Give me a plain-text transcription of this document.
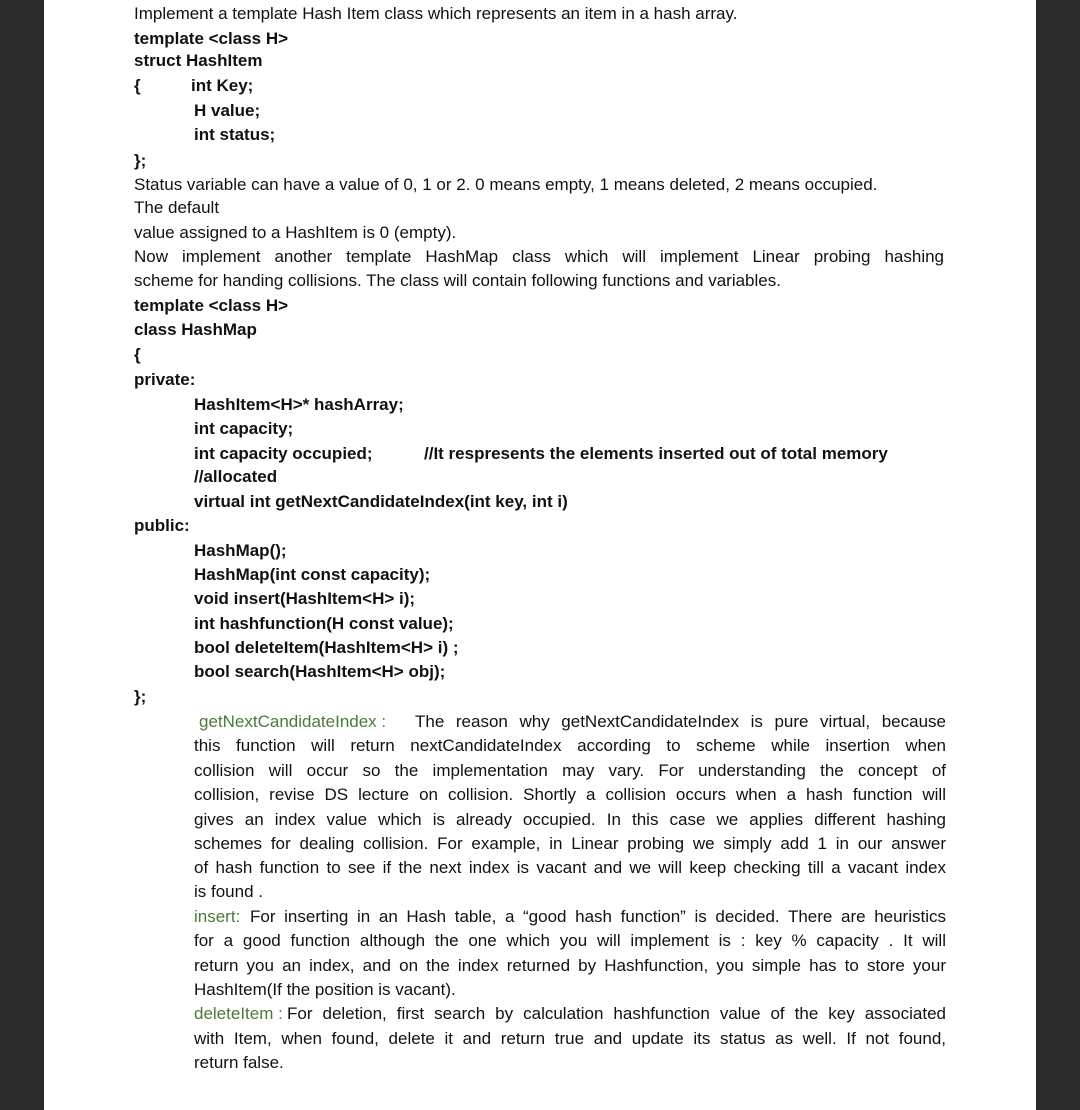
Implement a template Hash Item class which represents an item in a hash array.

template <class H>

struct HashItem

{	int Key;

H value;

int status;

};

Status variable can have a value of 0, 1 or 2. 0 means empty, 1 means deleted, 2 means occupied.

The default

value assigned to a HashItem is 0 (empty).

Now implement another template HashMap class which will implement Linear probing hashing

scheme for handing collisions. The class will contain following functions and variables.

template <class H>

class HashMap

{

private:

HashItem<H>* hashArray;

int capacity;

int capacity occupied;	//It respresents the elements inserted out of total memory

//allocated

virtual int getNextCandidateIndex(int key, int i)

public:

HashMap();

HashMap(int const capacity);

void insert(HashItem<H> i);

int hashfunction(H const value);

bool deleteItem(HashItem<H> i) ;

bool search(HashItem<H> obj);

};

getNextCandidateIndex : The reason why getNextCandidateIndex is pure virtual, because

this function will return nextCandidateIndex according to scheme while insertion when

collision will occur so the implementation may vary. For understanding the concept of

collision, revise DS lecture on collision. Shortly a collision occurs when a hash function will

gives an index value which is already occupied. In this case we applies different hashing

schemes for dealing collision. For example, in Linear probing we simply add 1 in our answer

of hash function to see if the next index is vacant and we will keep checking till a vacant index

is found .

insert: For inserting in an Hash table, a “good hash function” is decided. There are heuristics

for a good function although the one which you will implement is : key % capacity . It will

return you an index, and on the index returned by Hashfunction, you simple has to store your

HashItem(If the position is vacant).

deleteItem : For deletion, first search by calculation hashfunction value of the key associated

with Item, when found, delete it and return true and update its status as well. If not found,

return false.
